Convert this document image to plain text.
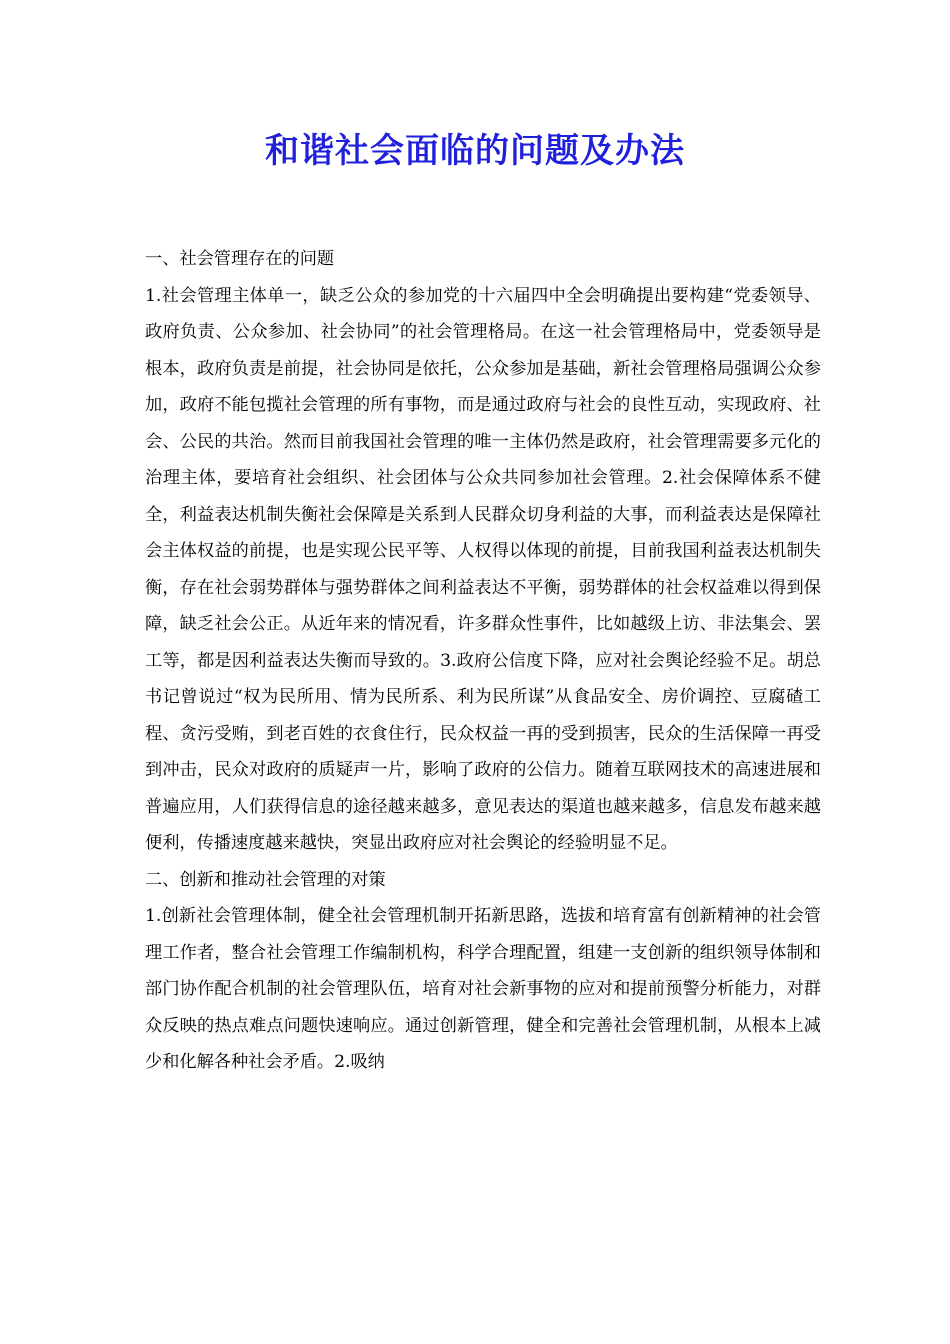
和谐社会面临的问题及办法

一、社会管理存在的问题

1.社会管理主体单一，缺乏公众的参加党的十六届四中全会明确提出要构建“党委领导、政府负责、公众参加、社会协同”的社会管理格局。在这一社会管理格局中，党委领导是根本，政府负责是前提，社会协同是依托，公众参加是基础，新社会管理格局强调公众参加，政府不能包揽社会管理的所有事物，而是通过政府与社会的良性互动，实现政府、社会、公民的共治。然而目前我国社会管理的唯一主体仍然是政府，社会管理需要多元化的治理主体，要培育社会组织、社会团体与公众共同参加社会管理。2.社会保障体系不健全，利益表达机制失衡社会保障是关系到人民群众切身利益的大事，而利益表达是保障社会主体权益的前提，也是实现公民平等、人权得以体现的前提，目前我国利益表达机制失衡，存在社会弱势群体与强势群体之间利益表达不平衡，弱势群体的社会权益难以得到保障，缺乏社会公正。从近年来的情况看，许多群众性事件，比如越级上访、非法集会、罢工等，都是因利益表达失衡而导致的。3.政府公信度下降，应对社会舆论经验不足。胡总书记曾说过“权为民所用、情为民所系、利为民所谋”从食品安全、房价调控、豆腐碴工程、贪污受贿，到老百姓的衣食住行，民众权益一再的受到损害，民众的生活保障一再受到冲击，民众对政府的质疑声一片，影响了政府的公信力。随着互联网技术的高速进展和普遍应用，人们获得信息的途径越来越多，意见表达的渠道也越来越多，信息发布越来越便利，传播速度越来越快，突显出政府应对社会舆论的经验明显不足。

二、创新和推动社会管理的对策

1.创新社会管理体制，健全社会管理机制开拓新思路，选拔和培育富有创新精神的社会管理工作者，整合社会管理工作编制机构，科学合理配置，组建一支创新的组织领导体制和部门协作配合机制的社会管理队伍，培育对社会新事物的应对和提前预警分析能力，对群众反映的热点难点问题快速响应。通过创新管理，健全和完善社会管理机制，从根本上减少和化解各种社会矛盾。2.吸纳
